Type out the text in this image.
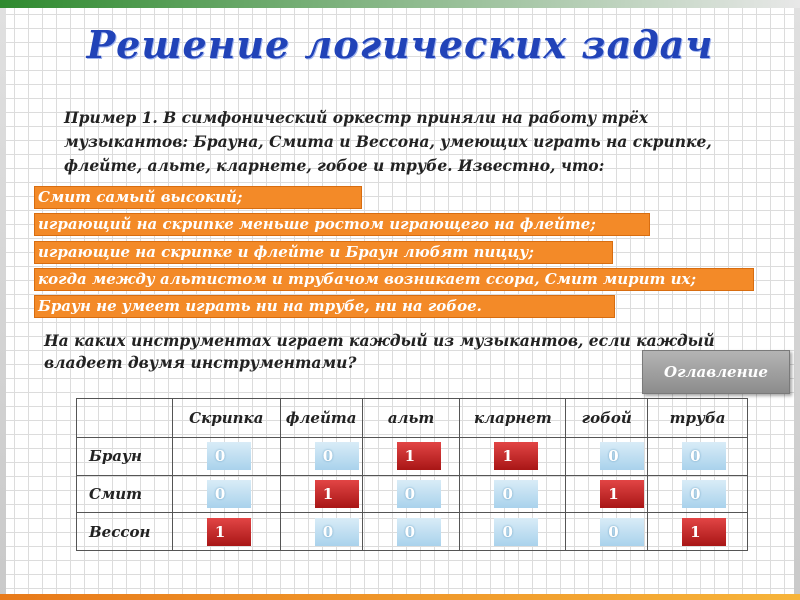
Решение логических задач
Пример 1. В симфонический оркестр приняли на работу трёх музыкантов: Брауна, Смита и Вессона, умеющих играть на скрипке, флейте, альте, кларнете, гобое и трубе. Известно, что:
Смит самый высокий;
играющий на скрипке меньше ростом играющего на флейте;
играющие на скрипке и флейте и Браун любят пиццу;
когда между альтистом и трубачом возникает ссора, Смит мирит их;
Браун не умеет играть ни на трубе, ни на гобое.
На каких инструментах играет каждый из музыкантов, если каждый владеет двумя инструментами?	Оглавление
	Скрипка	флейта	альт	кларнет	гобой	труба
Браун	0	0	1	1	0	0

Смит	0	1	0	0	1	0

Вессон	1	0	0	0	0	1
